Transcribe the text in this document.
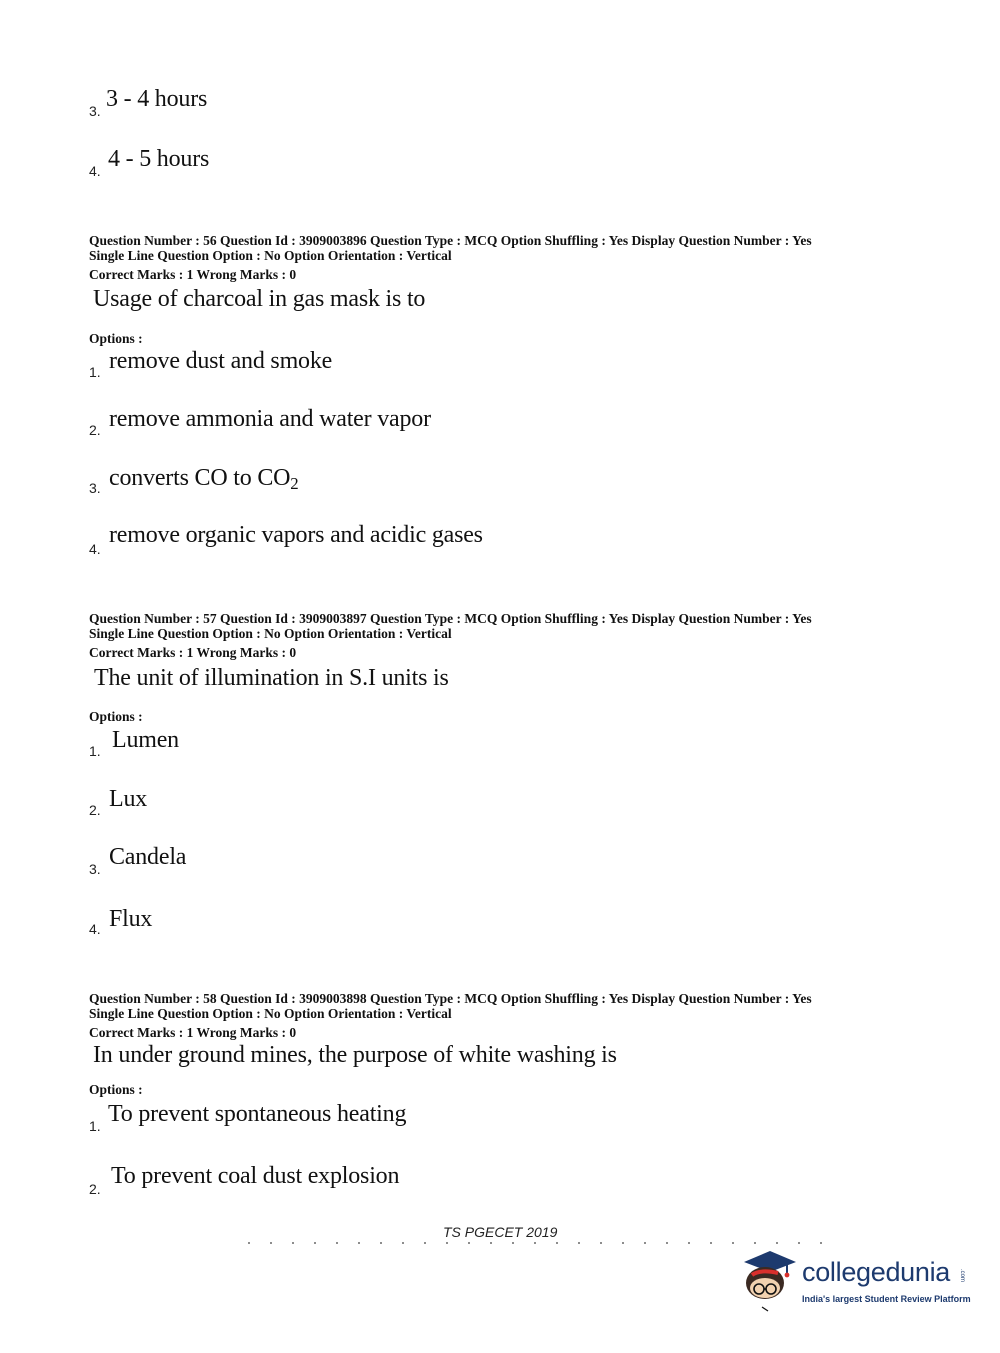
3. 3 - 4 hours
4. 4 - 5 hours
Question Number : 56 Question Id : 3909003896 Question Type : MCQ Option Shuffling : Yes Display Question Number : Yes
Single Line Question Option : No Option Orientation : Vertical
Correct Marks : 1 Wrong Marks : 0
Usage of charcoal in gas mask is to
Options :
1. remove dust and smoke
2. remove ammonia and water vapor
3. converts CO to $CO_2$
4.
remove organic vapors and acidic gases
Question Number : 57 Question Id : 3909003897 Question Type : MCQ Option Shuffling : Yes Display Question Number : Yes
Single Line Question Option : No Option Orientation : Vertical
Correct Marks : 1 Wrong Marks : 0
The unit of illumination in S.I units is
Options :
1. Lumen
2. Lux
3. Candela
4. Flux
Question Number : 58 Question Id : 3909003898 Question Type : MCQ Option Shuffling : Yes Display Question Number : Yes
Single Line Question Option : No Option Orientation : Vertical
Correct Marks : 1 Wrong Marks : 0
In under ground mines, the purpose of white washing is
Options :
1. To prevent spontaneous heating
2. To prevent coal dust explosion
TS PGECET 2019
collegedunia .com
India's largest Student Review Platform
